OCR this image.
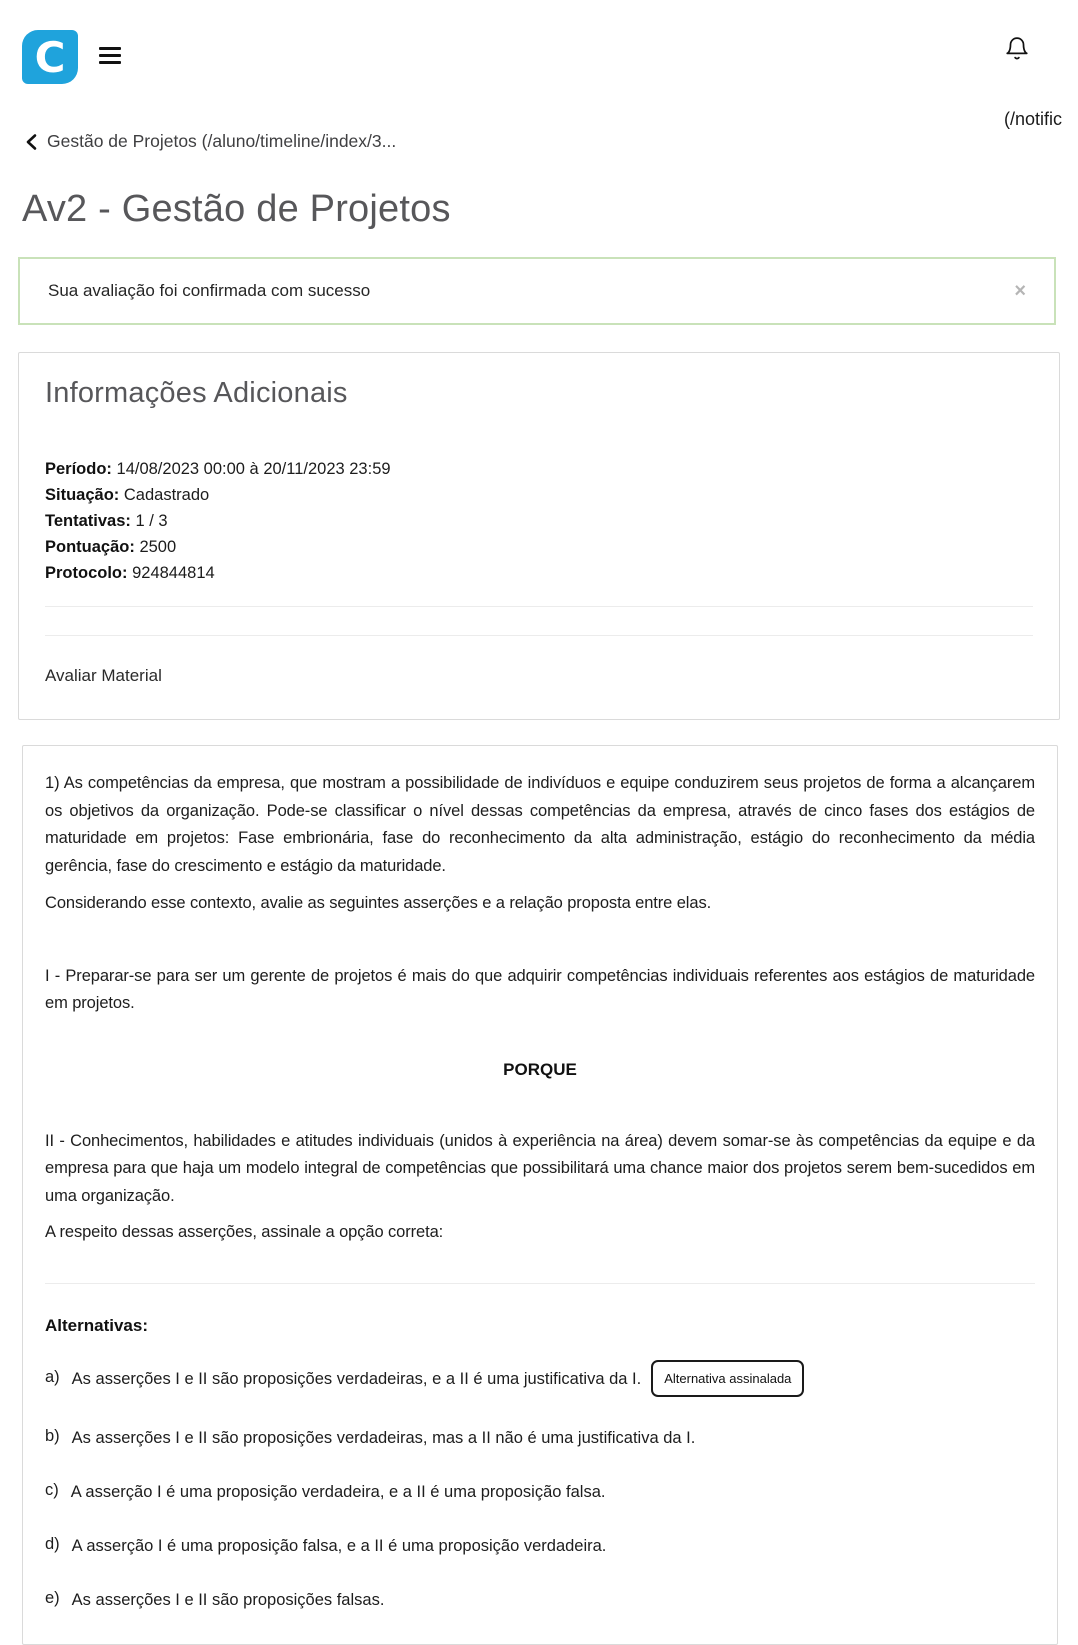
C
(/notific
Gestão de Projetos (/aluno/timeline/index/3...
Av2 - Gestão de Projetos
Sua avaliação foi confirmada com sucesso	×
Informações Adicionais
Período: 14/08/2023 00:00 à 20/11/2023 23:59
Situação: Cadastrado
Tentativas: 1 / 3
Pontuação: 2500
Protocolo: 924844814
Avaliar Material

1) As competências da empresa, que mostram a possibilidade de indivíduos e equipe conduzirem seus projetos de forma a alcançarem os objetivos da organização. Pode-se classificar o nível dessas competências da empresa, através de cinco fases dos estágios de maturidade em projetos: Fase embrionária, fase do reconhecimento da alta administração, estágio do reconhecimento da média gerência, fase do crescimento e estágio da maturidade.

Considerando esse contexto, avalie as seguintes asserções e a relação proposta entre elas.

I - Preparar-se para ser um gerente de projetos é mais do que adquirir competências individuais referentes aos estágios de maturidade em projetos.

PORQUE

II - Conhecimentos, habilidades e atitudes individuais (unidos à experiência na área) devem somar-se às competências da equipe e da empresa para que haja um modelo integral de competências que possibilitará uma chance maior dos projetos serem bem-sucedidos em uma organização.

A respeito dessas asserções, assinale a opção correta:

Alternativas:
a) As asserções I e II são proposições verdadeiras, e a II é uma justificativa da I. Alternativa assinalada
b) As asserções I e II são proposições verdadeiras, mas a II não é uma justificativa da I.
c) A asserção I é uma proposição verdadeira, e a II é uma proposição falsa.
d) A asserção I é uma proposição falsa, e a II é uma proposição verdadeira.
e) As asserções I e II são proposições falsas.
